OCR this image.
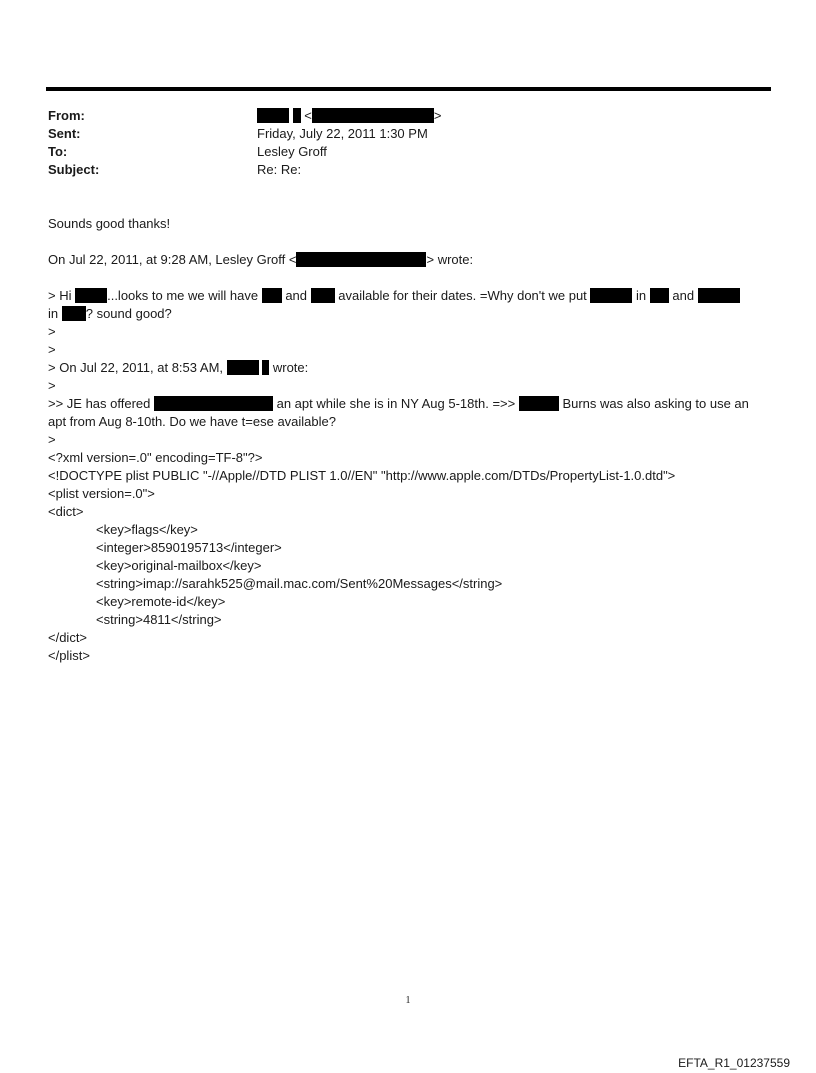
From:	<	>
Sent:	Friday, July 22, 2011 1:30 PM
To:	Lesley Groff
Subject:	Re: Re:
Sounds good thanks!
On Jul 22, 2011, at 9:28 AM, Lesley Groff <	> wrote:
> Hi ...looks to me we will have  and  available for their dates. =Why don't we put	in  and
in ? sound good?
>
>
> On Jul 22, 2011, at 8:53 AM,	wrote:
>
>> JE has offered	an apt while she is in NY Aug 5-18th. =>>	Burns was also asking to use an
apt from Aug 8-10th. Do we have t=ese available?
>
<?xml version=.0" encoding=TF-8"?>
<!DOCTYPE plist PUBLIC "-//Apple//DTD PLIST 1.0//EN" "http://www.apple.com/DTDs/PropertyList-1.0.dtd">
<plist version=.0">
<dict>
<key>flags</key>
<integer>8590195713</integer>
<key>original-mailbox</key>
<string>imap://sarahk525@mail.mac.com/Sent%20Messages</string>
<key>remote-id</key>
<string>4811</string>
</dict>
</plist>
1
EFTA_R1_01237559
